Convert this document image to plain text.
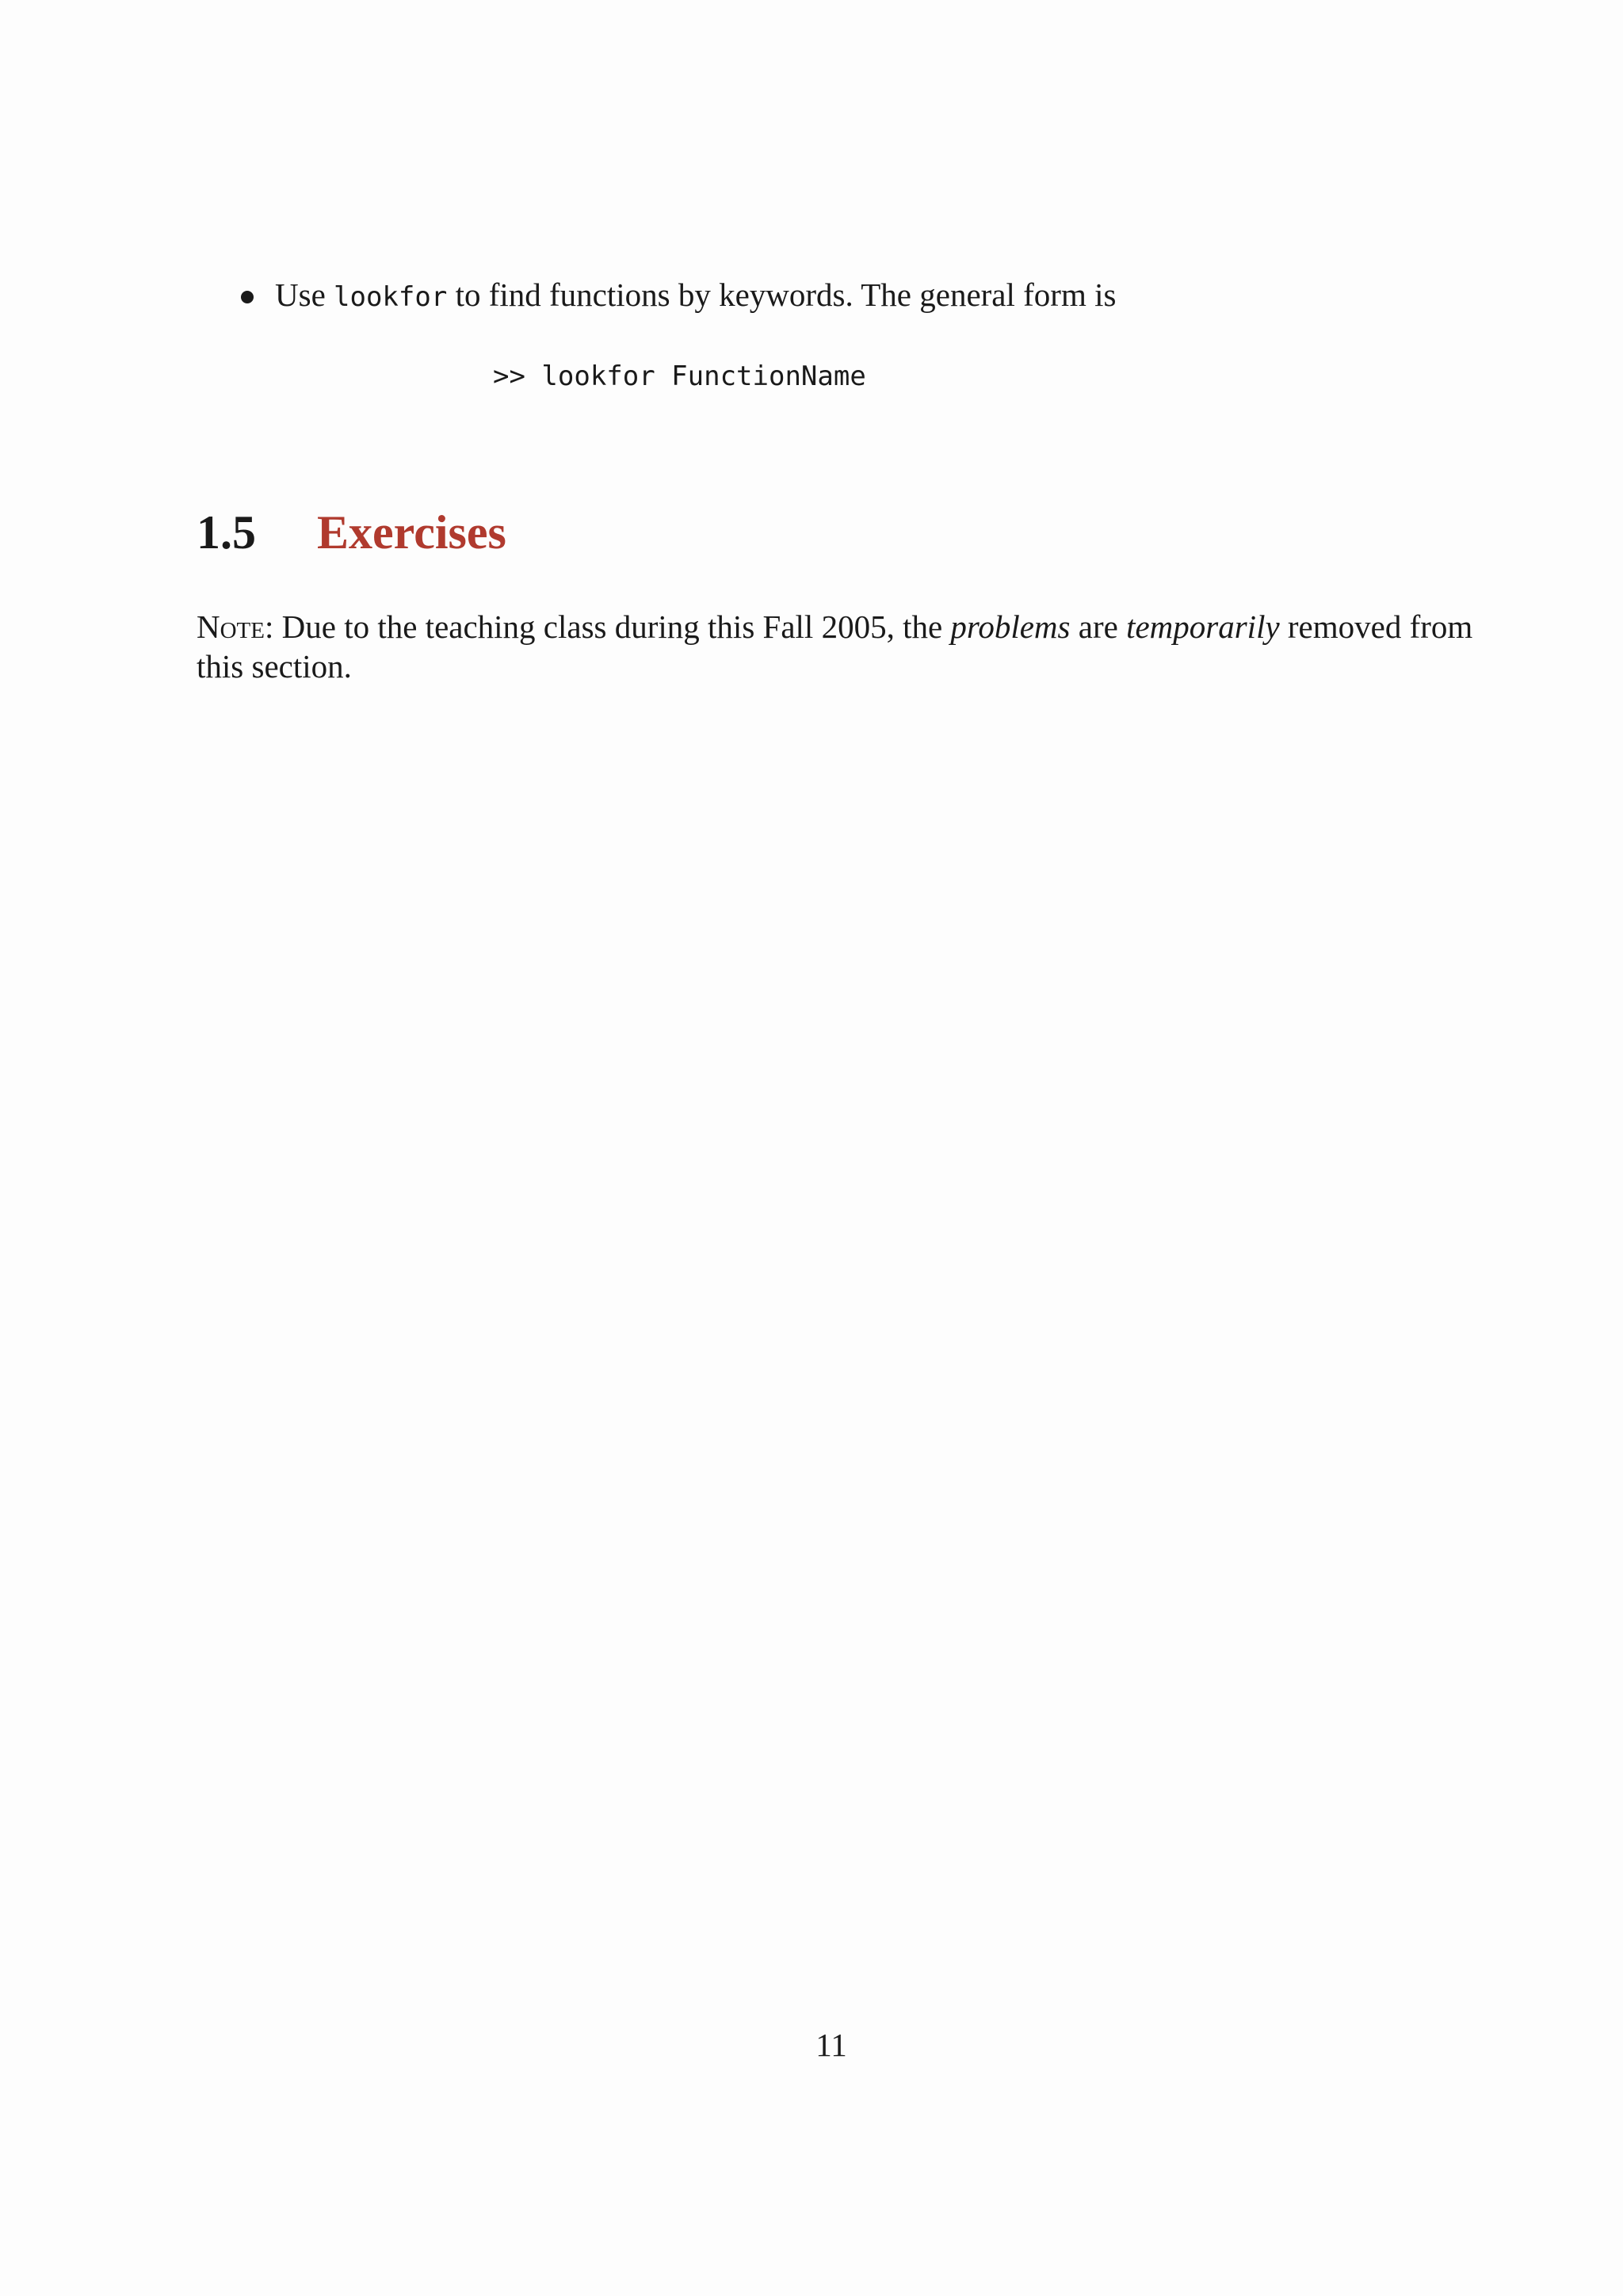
Use lookfor to find functions by keywords. The general form is
>> lookfor FunctionName
1.5 Exercises
Note: Due to the teaching class during this Fall 2005, the problems are temporarily removed from this section.
11
